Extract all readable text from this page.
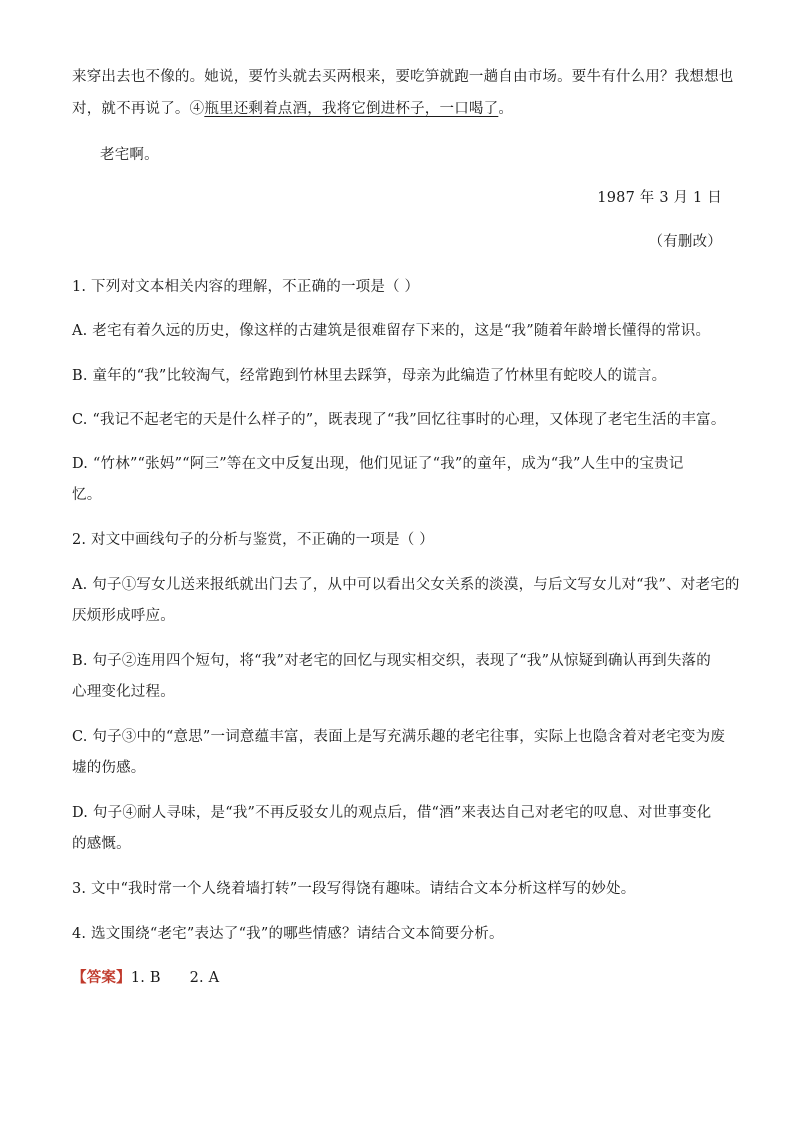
来穿出去也不像的。她说，要竹头就去买两根来，要吃笋就跑一趟自由市场。要牛有什么用？我想想也
对，就不再说了。④瓶里还剩着点酒，我将它倒进杯子，一口喝了。
老宅啊。
1987 年 3 月 1 日
（有删改）
1. 下列对文本相关内容的理解，不正确的一项是（ ）
A. 老宅有着久远的历史，像这样的古建筑是很难留存下来的，这是“我”随着年龄增长懂得的常识。
B. 童年的“我”比较淘气，经常跑到竹林里去踩笋，母亲为此编造了竹林里有蛇咬人的谎言。
C. “我记不起老宅的天是什么样子的”，既表现了“我”回忆往事时的心理，又体现了老宅生活的丰富。
D. “竹林”“张妈”“阿三”等在文中反复出现，他们见证了“我”的童年，成为“我”人生中的宝贵记
忆。
2. 对文中画线句子的分析与鉴赏，不正确的一项是（ ）
A. 句子①写女儿送来报纸就出门去了，从中可以看出父女关系的淡漠，与后文写女儿对“我”、对老宅的
厌烦形成呼应。
B. 句子②连用四个短句，将“我”对老宅的回忆与现实相交织，表现了“我”从惊疑到确认再到失落的
心理变化过程。
C. 句子③中的“意思”一词意蕴丰富，表面上是写充满乐趣的老宅往事，实际上也隐含着对老宅变为废
墟的伤感。
D. 句子④耐人寻味，是“我”不再反驳女儿的观点后，借“酒”来表达自己对老宅的叹息、对世事变化
的感慨。
3. 文中“我时常一个人绕着墙打转”一段写得饶有趣味。请结合文本分析这样写的妙处。
4. 选文围绕“老宅”表达了“我”的哪些情感？请结合文本简要分析。
【答案】1. B      2. A
